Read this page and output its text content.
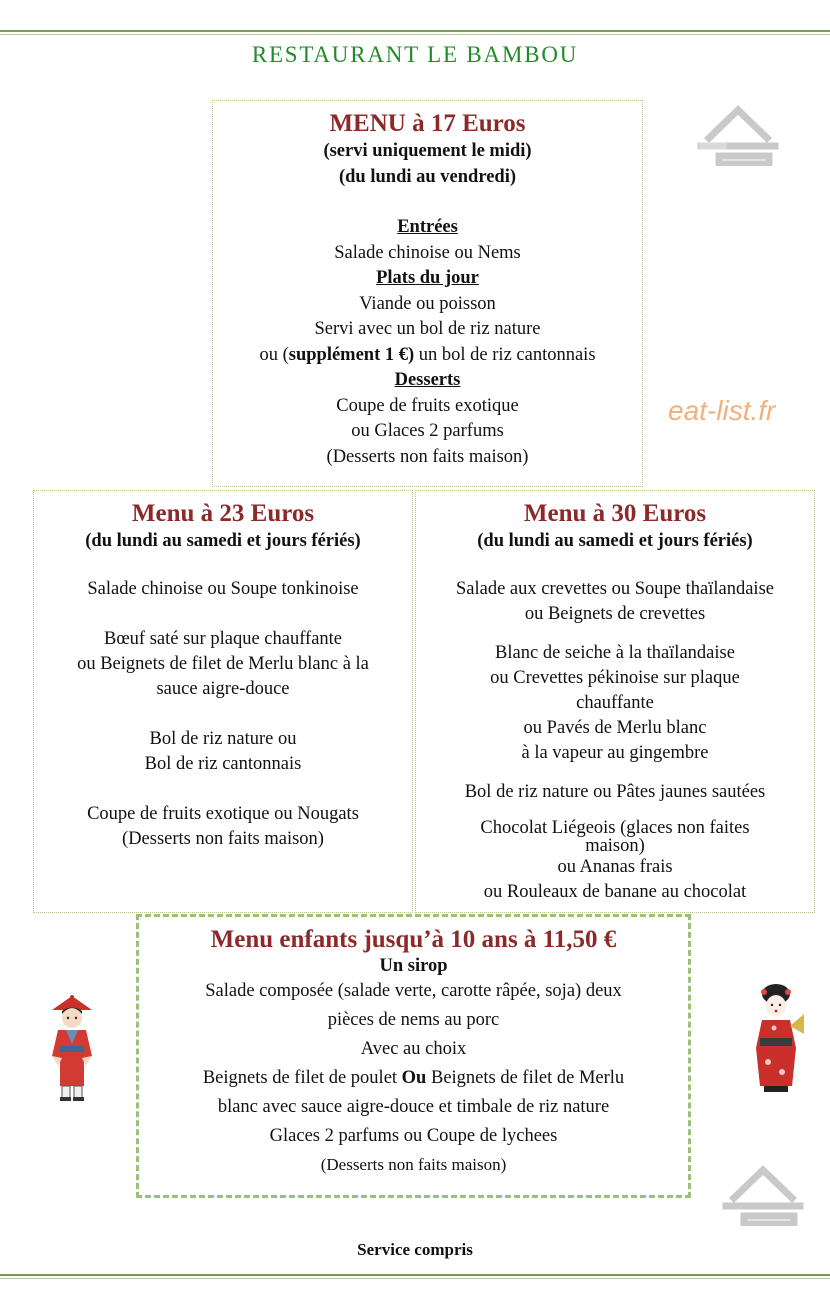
RESTAURANT LE BAMBOU
eat-list.fr
MENU à 17 Euros
(servi uniquement le midi)
(du lundi au vendredi)
Entrées
Salade chinoise ou Nems
Plats du jour
Viande ou poisson
Servi avec un bol de riz nature
ou (supplément 1 €) un bol de riz cantonnais
Desserts
Coupe de fruits exotique
ou Glaces 2 parfums
(Desserts non faits maison)
Menu à 23 Euros
(du lundi au samedi et jours fériés)
Salade chinoise ou Soupe tonkinoise
Bœuf saté sur plaque chauffante
ou Beignets de filet de Merlu blanc à la
sauce aigre-douce
Bol de riz nature ou
Bol de riz cantonnais
Coupe de fruits exotique ou Nougats
(Desserts non faits maison)
Menu à 30 Euros
(du lundi au samedi et jours fériés)
Salade aux crevettes ou Soupe thaïlandaise
ou Beignets de crevettes
Blanc de seiche à la thaïlandaise
ou Crevettes pékinoise sur plaque
chauffante
ou Pavés de Merlu blanc
à la vapeur au gingembre
Bol de riz nature ou Pâtes jaunes sautées
Chocolat Liégeois (glaces non faites
maison)
ou Ananas frais
ou Rouleaux de banane au chocolat
Menu enfants jusqu’à 10 ans à 11,50 €
Un sirop
Salade composée (salade verte, carotte râpée, soja) deux
pièces de nems au porc
Avec au choix
Beignets de filet de poulet Ou Beignets de filet de Merlu
blanc avec sauce aigre-douce et timbale de riz nature
Glaces 2 parfums ou Coupe de lychees
(Desserts non faits maison)
Service compris
